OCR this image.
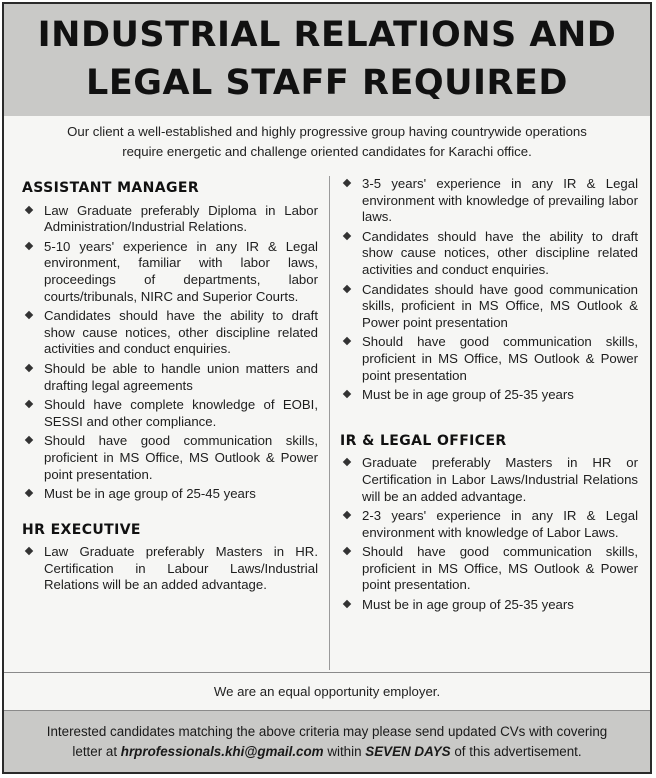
INDUSTRIAL RELATIONS AND
LEGAL STAFF REQUIRED
Our client a well-established and highly progressive group having countrywide operations
require energetic and challenge oriented candidates for Karachi office.
ASSISTANT MANAGER
Law Graduate preferably Diploma in Labor Administration/Industrial Relations.
5-10 years' experience in any IR & Legal environment, familiar with labor laws, proceedings of departments, labor courts/tribunals, NIRC and Superior Courts.
Candidates should have the ability to draft show cause notices, other discipline related activities and conduct enquiries.
Should be able to handle union matters and drafting legal agreements
Should have complete knowledge of EOBI, SESSI and other compliance.
Should have good communication skills, proficient in MS Office, MS Outlook & Power point presentation.
Must be in age group of 25-45 years
HR EXECUTIVE
Law Graduate preferably Masters in HR. Certification in Labour Laws/Industrial Relations will be an added advantage.
3-5 years' experience in any IR & Legal environment with knowledge of prevailing labor laws.
Candidates should have the ability to draft show cause notices, other discipline related activities and conduct enquiries.
Candidates should have good communication skills, proficient in MS Office, MS Outlook & Power point presentation
Should have good communication skills, proficient in MS Office, MS Outlook & Power point presentation
Must be in age group of 25-35 years
IR & LEGAL OFFICER
Graduate preferably Masters in HR or Certification in Labor Laws/Industrial Relations will be an added advantage.
2-3 years' experience in any IR & Legal environment with knowledge of Labor Laws.
Should have good communication skills, proficient in MS Office, MS Outlook & Power point presentation.
Must be in age group of 25-35 years
We are an equal opportunity employer.
Interested candidates matching the above criteria may please send updated CVs with covering
letter at hrprofessionals.khi@gmail.com within SEVEN DAYS of this advertisement.
